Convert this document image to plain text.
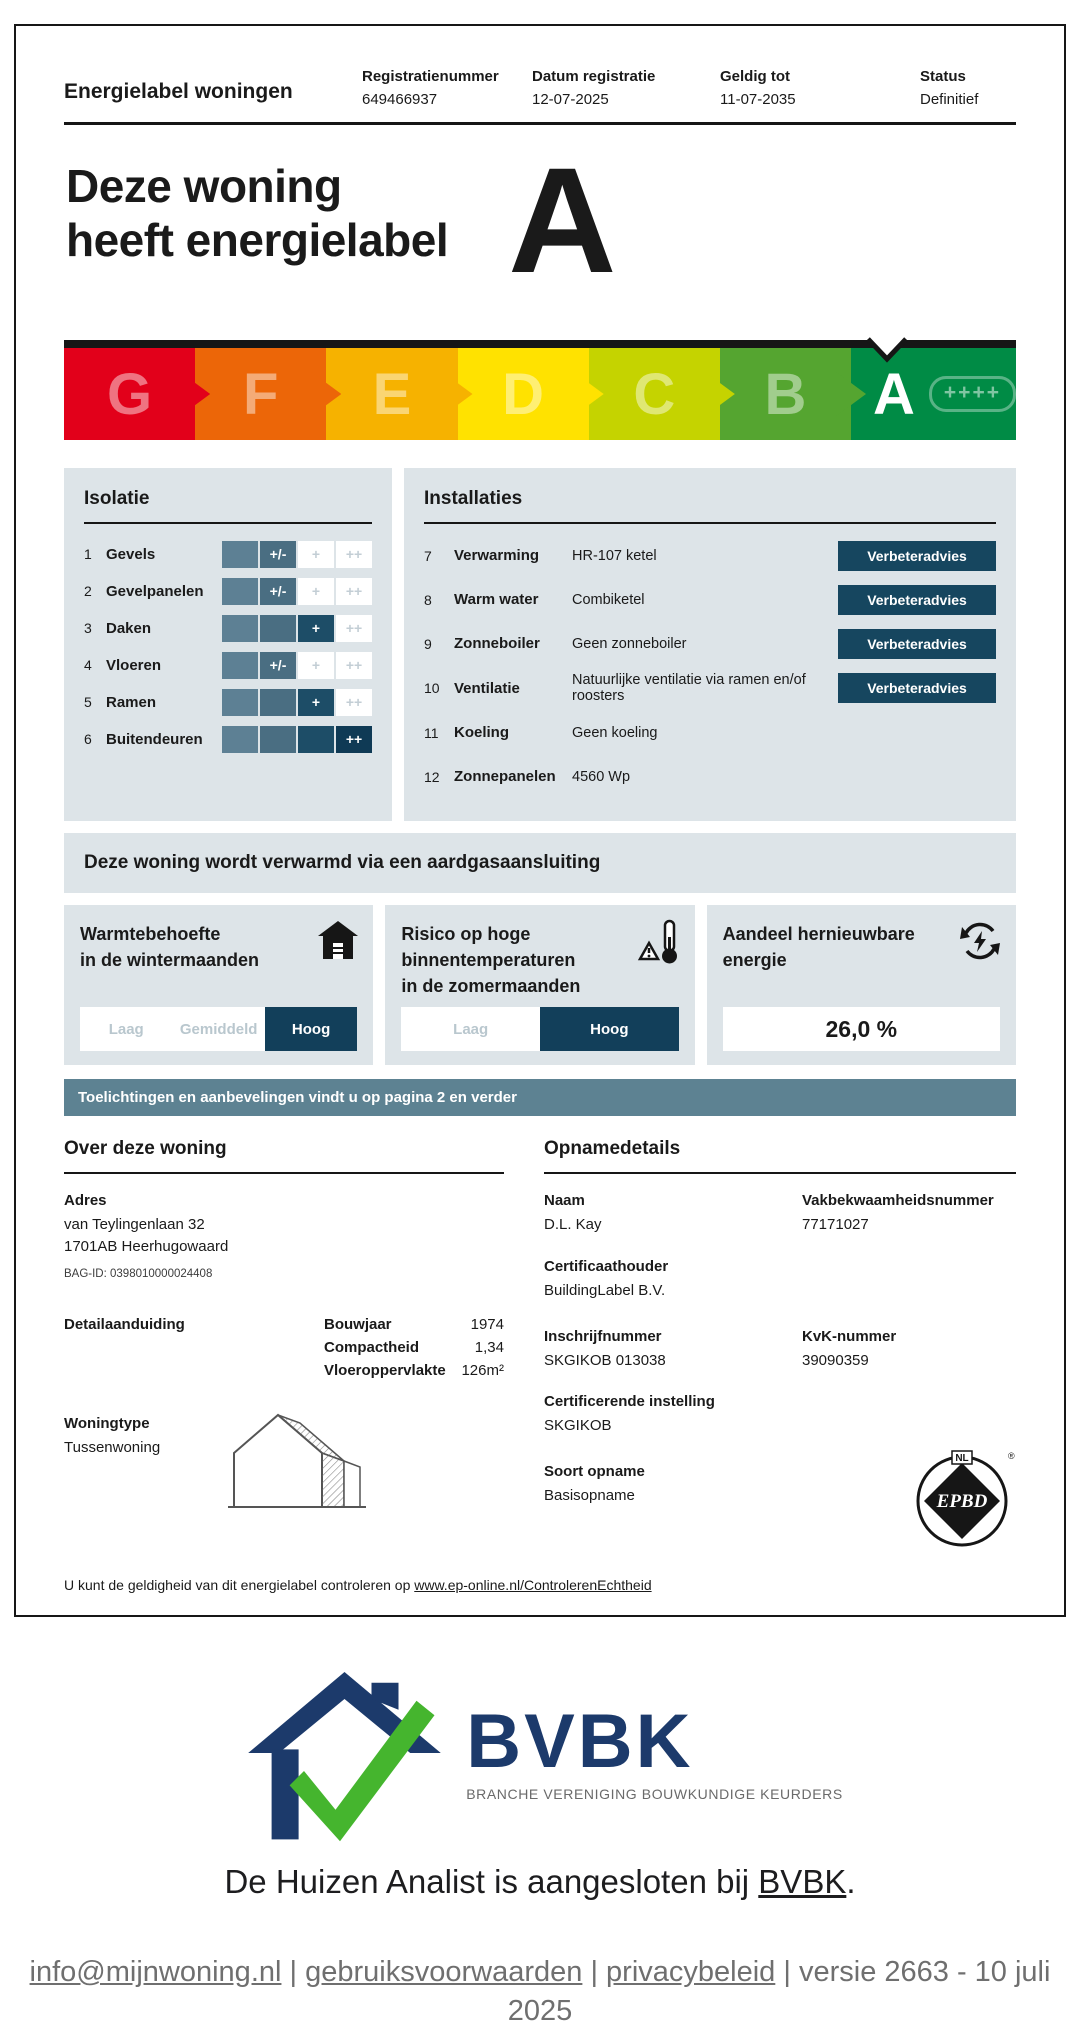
Energielabel woningen
Registratienummer
649466937
Datum registratie
12-07-2025
Geldig tot
11-07-2035
Status
Definitief
Deze woning
heeft energielabel A
G F E D C B A	++++
Isolatie
1 Gevels	+/-	+	++
2 Gevelpanelen	+/-	+	++
3 Daken	+	++
4 Vloeren	+/-	+	++
5 Ramen	+	++
6 Buitendeuren	++
Installaties
7	Verwarming	HR-107 ketel	Verbeteradvies
8	Warm water	Combiketel	Verbeteradvies
9	Zonneboiler	Geen zonneboiler	Verbeteradvies
10 Ventilatie	Natuurlijke ventilatie via ramen en/of roosters	Verbeteradvies
11	Koeling	Geen koeling
12 Zonnepanelen	4560 Wp
Deze woning wordt verwarmd via een aardgasaansluiting
Warmtebehoefte
in de wintermaanden
Laag	Gemiddeld	Hoog
Risico op hoge
binnentemperaturen
in de zomermaanden
Laag	Hoog
Aandeel hernieuwbare
energie
26,0 %
Toelichtingen en aanbevelingen vindt u op pagina 2 en verder
Over deze woning
Adres
van Teylingenlaan 32
1701AB Heerhugowaard
BAG-ID: 0398010000024408
Detailaanduiding	Bouwjaar	1974
Compactheid	1,34
Vloeroppervlakte	126m²
Woningtype
Tussenwoning
Opnamedetails
Naam
D.L. Kay
Vakbekwaamheidsnummer
77171027
Certificaathouder
BuildingLabel B.V.
Inschrijfnummer
SKGIKOB 013038
KvK-nummer
39090359
Certificerende instelling
SKGIKOB
Soort opname
Basisopname	EPBD
NL	®
U kunt de geldigheid van dit energielabel controleren op www.ep-online.nl/ControlerenEchtheid
BVBK
BRANCHE VERENIGING BOUWKUNDIGE KEURDERS
De Huizen Analist is aangesloten bij BVBK.
info@mijnwoning.nl | gebruiksvoorwaarden | privacybeleid | versie 2663 - 10 juli 2025
